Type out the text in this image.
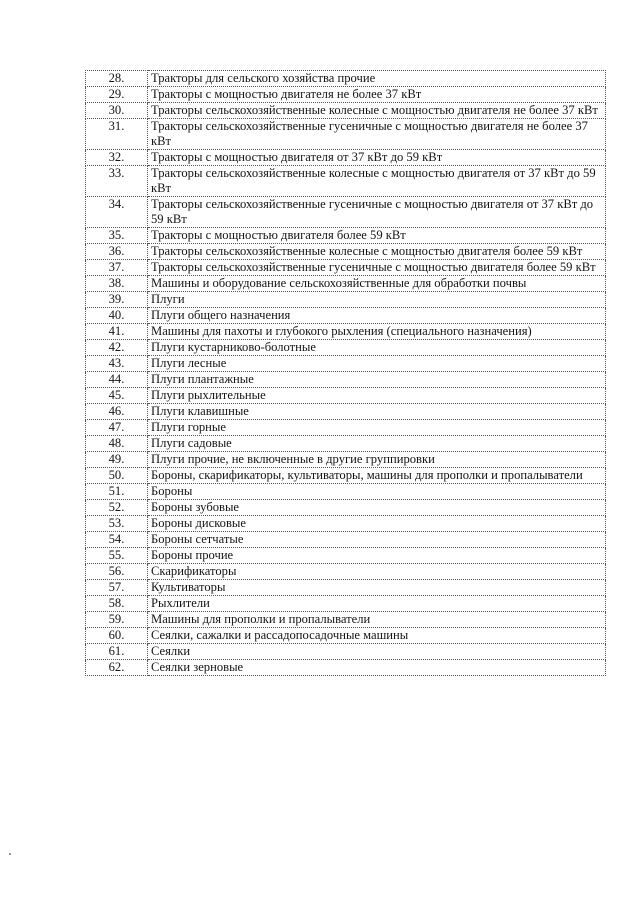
28.	Тракторы для сельского хозяйства прочие
29.	Тракторы с мощностью двигателя не более 37 кВт
30.	Тракторы сельскохозяйственные колесные с мощностью двигателя не более 37 кВт
31.	Тракторы сельскохозяйственные гусеничные с мощностью двигателя не более 37 кВт
32.	Тракторы с мощностью двигателя от 37 кВт до 59 кВт
33.	Тракторы сельскохозяйственные колесные с мощностью двигателя от 37 кВт до 59 кВт
34.	Тракторы сельскохозяйственные гусеничные с мощностью двигателя от 37 кВт до 59 кВт
35.	Тракторы с мощностью двигателя более 59 кВт
36.	Тракторы сельскохозяйственные колесные с мощностью двигателя более 59 кВт
37.	Тракторы сельскохозяйственные гусеничные с мощностью двигателя более 59 кВт
38.	Машины и оборудование сельскохозяйственные для обработки почвы
39.	Плуги
40.	Плуги общего назначения
41.	Машины для пахоты и глубокого рыхления (специального назначения)
42.	Плуги кустарниково-болотные
43.	Плуги лесные
44.	Плуги плантажные
45.	Плуги рыхлительные
46.	Плуги клавишные
47.	Плуги горные
48.	Плуги садовые
49.	Плуги прочие, не включенные в другие группировки
50.	Бороны, скарификаторы, культиваторы, машины для прополки и пропалыватели
51.	Бороны
52.	Бороны зубовые
53.	Бороны дисковые
54.	Бороны сетчатые
55.	Бороны прочие
56.	Скарификаторы
57.	Культиваторы
58.	Рыхлители
59.	Машины для прополки и пропалыватели
60.	Сеялки, сажалки и рассадопосадочные машины
61.	Сеялки
62.	Сеялки зерновые
